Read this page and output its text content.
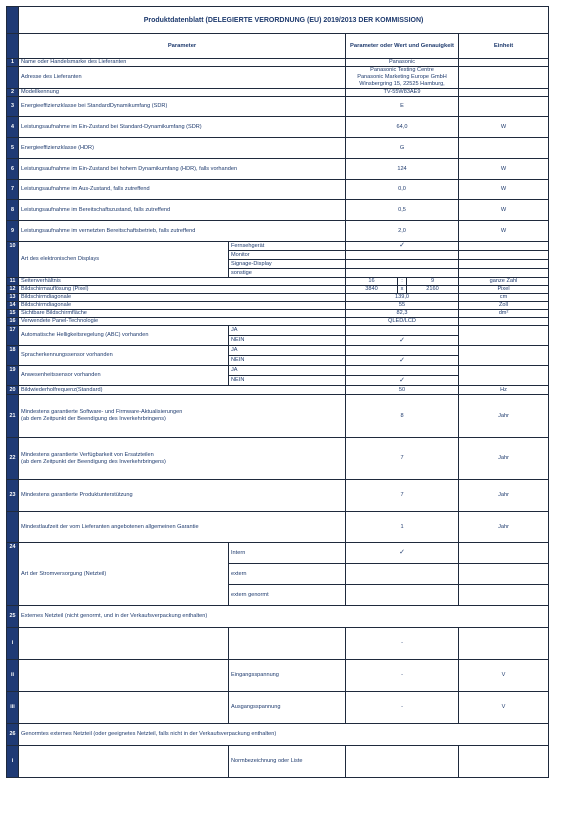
	Produktdatenblatt (DELEGIERTE VERORDNUNG (EU) 2019/2013 DER KOMMISSION)					
	Parameter		Parameter oder Wert und Genauigkeit			Einheit
1	Name oder Handelsmarke des Lieferanten		Panasonic			
	Adresse des Lieferanten		Panasonic Testing Centre
Panasonic Marketing Europe GmbH
Winsbergring 15, 22525 Hamburg,			

2	Modellkennung		TV-55W83AE9			
3	Energieeffizienzklasse bei StandardDynamikumfang (SDR)		E			
4	Leistungsaufnahme im Ein-Zustand bei Standard-Dynamikumfang (SDR)		64,0			W
5	Energieeffizienzklasse (HDR)		G			
6	Leistungsaufnahme im Ein-Zustand bei hohem Dynamikumfang (HDR), falls vorhanden		124			W
7	Leistungsaufnahme im Aus-Zustand, falls zutreffend		0,0			W
8	Leistungsaufnahme im Bereitschaftszustand, falls zutreffend		0,5			W
9	Leistungsaufnahme im vernetzten Bereitschaftsbetrieb, falls zutreffend		2,0			W
10	Art des elektronischen Displays	Fernsehgerät	✓			
		Monitor				
		Signage-Display				
		sonstige				
11	Seitenverhältnis		16	:	9	ganze Zahl
12	Bildschirmauflösung (Pixel)		3840	x	2160	Pixel
13	Bildschirmdiagonale		139,0			cm
14	Bildschirmdiagonale		55			Zoll
15	Sichtbare Bildschirmfläche		82,3			dm²
16	Verwendete Panel-Technologie		QLED/LCD			
17	Automatische Helligkeitsregelung (ABC) vorhanden	JA				
		NEIN	✓			
18	Spracherkennungssensor vorhanden	JA				
		NEIN	✓			
19	Anwesenheitssensor vorhanden	JA				
		NEIN	✓			
20	Bildwiederholfrequenz(Standard)		50			Hz
21	Mindestens garantierte Software- und Firmware-Aktualisierungen
(ab dem Zeitpunkt der Beendigung des Inverkehrbringens)		8			Jahr
22	Mindestens garantierte Verfügbarkeit von Ersatzteilen
(ab dem Zeitpunkt der Beendigung des Inverkehrbringens)		7			Jahr
23	Mindestens garantierte Produktunterstützung		7			Jahr
	Mindestlaufzeit der vom Lieferanten angebotenen allgemeinen Garantie		1			Jahr
24	Art der Stromversorgung (Netzteil)	Intern	✓			
		extern				
		extern genormt				
25	Externes Netzteil (nicht genormt, und in der Verkaufsverpackung enthalten)					
i			-			
ii		Eingangsspannung	-			V
iii		Ausgangsspannung	-			V
26	Genormtes externes Netzteil (oder geeignetes Netzteil, falls nicht in der Verkaufsverpackung enthalten)					
i		Normbezeichnung oder Liste				
